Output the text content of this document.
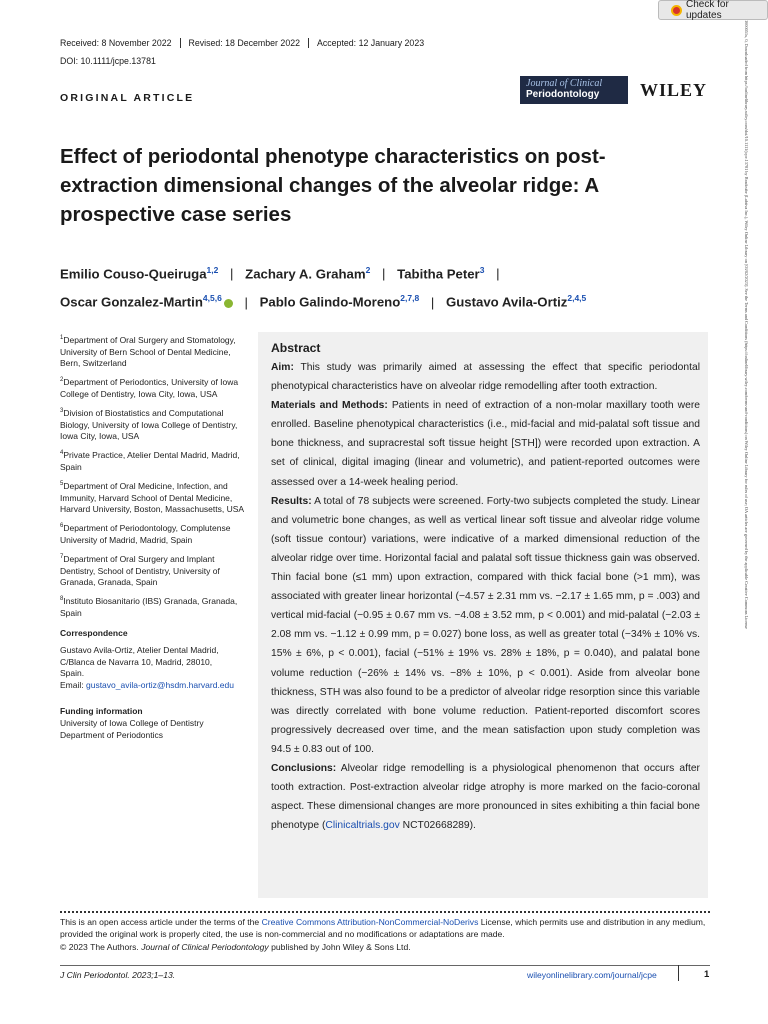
Check for updates
Received: 8 November 2022	Revised: 18 December 2022	Accepted: 12 January 2023
DOI: 10.1111/jcpe.13781
ORIGINAL ARTICLE
Journal of Clinical
Periodontology	WILEY
Effect of periodontal phenotype characteristics on post-extraction dimensional changes of the alveolar ridge: A prospective case series
Emilio Couso-Queiruga$^{1,2}$ | Zachary A. Graham$^2$ | Tabitha Peter$^3$ |
Oscar Gonzalez-Martin$^{4,5,6}$ | Pablo Galindo-Moreno$^{2,7,8}$ | Gustavo Avila-Ortiz$^{2,4,5}$

$^1$Department of Oral Surgery and Stomatology, University of Bern School of Dental Medicine, Bern, Switzerland

$^2$Department of Periodontics, University of Iowa College of Dentistry, Iowa City, Iowa, USA

$^3$Division of Biostatistics and Computational Biology, University of Iowa College of Dentistry, Iowa City, Iowa, USA

$^4$Private Practice, Atelier Dental Madrid, Madrid, Spain

$^5$Department of Oral Medicine, Infection, and Immunity, Harvard School of Dental Medicine, Harvard University, Boston, Massachusetts, USA

$^6$Department of Periodontology, Complutense University of Madrid, Madrid, Spain

$^7$Department of Oral Surgery and Implant Dentistry, School of Dentistry, University of Granada, Granada, Spain

$^8$Instituto Biosanitario (IBS) Granada, Granada, Spain

Correspondence

Gustavo Avila-Ortiz, Atelier Dental Madrid,
C/Blanca de Navarra 10, Madrid, 28010,
Spain.
Email: gustavo_avila-ortiz@hsdm.harvard.edu

Funding information

University of Iowa College of Dentistry
Department of Periodontics

Abstract

Aim: This study was primarily aimed at assessing the effect that specific periodontal phenotypical characteristics have on alveolar ridge remodelling after tooth extraction.

Materials and Methods: Patients in need of extraction of a non-molar maxillary tooth were enrolled. Baseline phenotypical characteristics (i.e., mid-facial and mid-palatal soft tissue and bone thickness, and supracrestal soft tissue height [STH]) were recorded upon extraction. A set of clinical, digital imaging (linear and volumetric), and patient-reported outcomes were assessed over a 14-week healing period.

Results: A total of 78 subjects were screened. Forty-two subjects completed the study. Linear and volumetric bone changes, as well as vertical linear soft tissue and alveolar ridge volume (soft tissue contour) variations, were indicative of a marked dimensional reduction of the alveolar ridge over time. Horizontal facial and palatal soft tissue thickness gain was observed. Thin facial bone (≤1 mm) upon extraction, compared with thick facial bone (>1 mm), was associated with greater linear horizontal (−4.57 ± 2.31 mm vs. −2.17 ± 1.65 mm, p = .003) and vertical mid-facial (−0.95 ± 0.67 mm vs. −4.08 ± 3.52 mm, p < 0.001) and mid-palatal (−2.03 ± 2.08 mm vs. −1.12 ± 0.99 mm, p = 0.027) bone loss, as well as greater total (−34% ± 10% vs. 15% ± 6%, p < 0.001), facial (−51% ± 19% vs. 28% ± 18%, p = 0.040), and palatal bone volume reduction (−26% ± 14% vs. −8% ± 10%, p < 0.001). Aside from alveolar bone thickness, STH was also found to be a predictor of alveolar ridge resorption since this variable was directly correlated with bone volume reduction. Patient-reported discomfort scores progressively decreased over time, and the mean satisfaction upon study completion was 94.5 ± 0.83 out of 100.

Conclusions: Alveolar ridge remodelling is a physiological phenomenon that occurs after tooth extraction. Post-extraction alveolar ridge atrophy is more marked on the facio-coronal aspect. These dimensional changes are more pronounced in sites exhibiting a thin facial bone phenotype (Clinicaltrials.gov NCT02668289).

This is an open access article under the terms of the Creative Commons Attribution-NonCommercial-NoDerivs License, which permits use and distribution in any medium, provided the original work is properly cited, the use is non-commercial and no modifications or adaptations are made.

© 2023 The Authors. Journal of Clinical Periodontology published by John Wiley & Sons Ltd.

J Clin Periodontol. 2023;1–13.	wileyonlinelibrary.com/journal/jcpe	1
1600051x, 0, Downloaded from https://onlinelibrary.wiley.com/doi/10.1111/jcpe.13781 by Readcube (Labtiva Inc.), Wiley Online Library on [03/02/2023]. See the Terms and Conditions (https://onlinelibrary.wiley.com/terms-and-conditions) on Wiley Online Library for rules of use; OA articles are governed by the applicable Creative Commons License
